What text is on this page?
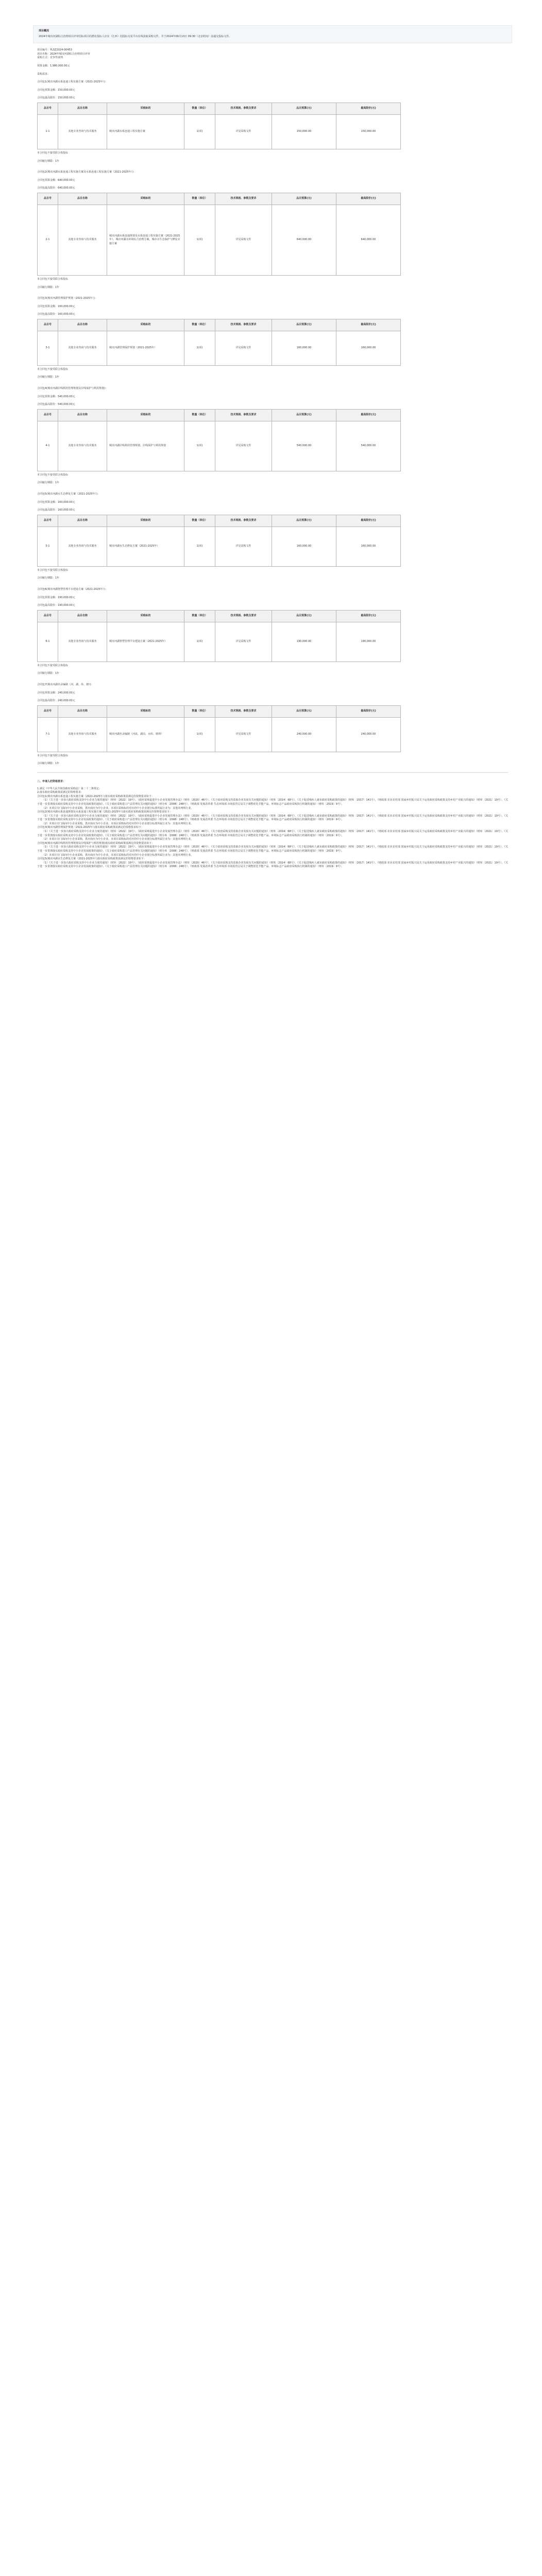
项目概况

2024年城市河湖综合治理项目评审招标项目的潜在投标人应在（江西）招投标交易平台在线获取采购文件，并于2024年09月13日 09:30（北京时间）前递交投标文件。

项目编号：YLSZ2024-00453

项目名称：2024年城市河湖综合治理项目评审

采购方式：竞争性谈判

预算金额：1,980,000.00元

采购需求：

合同包1(城市河湖水系连通工程实施方案（2021-2025年）)：

合同包预算金额：150,000.00元

合同包最高限价：150,000.00元

品目号	品目名称	采购标的	数量（单位）	技术规格、参数及要求	品目预算(元)	最高限价(元)
1-1	其他专业咨询与技术服务	城市河湖水系连通工程实施方案	1(项)	详见采购文件	150,000.00	150,000.00

本合同包不接受联合体投标

合同履行期限：1年

合同包2(城市河湖水系连通工程实施方案及水系连通工程实施方案（2021-2025年）)：

合同包预算金额：640,000.00元

合同包最高限价：640,000.00元

品目号	品目名称	采购标的	数量（单位）	技术规格、参数及要求	品目预算(元)	最高限价(元)
2-1	其他专业咨询与技术服务	城市河湖水系连通规划及水系连通工程实施方案（2021-2025年）、城市河湖水环境综合治理方案、城市水生态保护与修复实施方案	1(项)	详见采购文件	640,000.00	640,000.00

本合同包不接受联合体投标

合同履行期限：1年

合同包3(城市河湖管理保护规划（2021-2025年）)：

合同包预算金额：160,000.00元

合同包最高限价：160,000.00元

品目号	品目名称	采购标的	数量（单位）	技术规格、参数及要求	品目预算(元)	最高限价(元)
3-1	其他专业咨询与技术服务	城市河湖管理保护规划（2021-2025年）	1(项)	详见采购文件	160,000.00	160,000.00

本合同包不接受联合体投标

合同履行期限：1年

合同包4(城市河湖岸线利用管理规划及岸线保护与利用规划)：

合同包预算金额：540,000.00元

合同包最高限价：540,000.00元

品目号	品目名称	采购标的	数量（单位）	技术规格、参数及要求	品目预算(元)	最高限价(元)
4-1	其他专业咨询与技术服务	城市河湖岸线利用管理规划、岸线保护与利用规划	1(项)	详见采购文件	540,000.00	540,000.00

本合同包不接受联合体投标

合同履行期限：1年

合同包5(城市河湖水生态修复方案（2021-2025年）)：

合同包预算金额：160,000.00元

合同包最高限价：160,000.00元

品目号	品目名称	采购标的	数量（单位）	技术规格、参数及要求	品目预算(元)	最高限价(元)
5-1	其他专业咨询与技术服务	城市河湖水生态修复方案（2021-2025年）	1(项)	详见采购文件	160,000.00	160,000.00

本合同包不接受联合体投标

合同履行期限：1年

合同包6(城市河湖智慧管理平台建设方案（2021-2025年）)：

合同包预算金额：190,000.00元

合同包最高限价：190,000.00元

品目号	品目名称	采购标的	数量（单位）	技术规格、参数及要求	品目预算(元)	最高限价(元)
6-1	其他专业咨询与技术服务	城市河湖智慧管理平台建设方案（2021-2025年）	1(项)	详见采购文件	190,000.00	190,000.00

本合同包不接受联合体投标

合同履行期限：1年

合同包7(城市河湖名录编制（河、湖、库、塘）)：

合同包预算金额：240,000.00元

合同包最高限价：240,000.00元

品目号	品目名称	采购标的	数量（单位）	技术规格、参数及要求	品目预算(元)	最高限价(元)
7-1	其他专业咨询与技术服务	城市河湖名录编制（河流、湖泊、水库、塘坝）	1(项)	详见采购文件	240,000.00	240,000.00

本合同包不接受联合体投标

合同履行期限：1年

二、申请人的资格要求：

1.满足《中华人民共和国政府采购法》第二十二条规定；

2.落实政府采购政策需满足的资格要求：

合同包1(城市河湖水系连通工程实施方案（2021-2025年）)落实政府采购政策需满足的资格要求如下：

（1）《关于进一步加大政府采购支持中小企业力度的通知》（财库〔2022〕19号）、《政府采购促进中小企业发展管理办法》（财库〔2020〕46号）、《关于政府采购支持监狱企业发展有关问题的通知》（财库〔2014〕68号）、《关于促进残疾人就业政府采购政策的通知》（财库〔2017〕141号），《财政部 农业农村部 国家乡村振兴局关于运用政府采购政策支持乡村产业振兴的通知》（财库〔2021〕19号）、《关于进一步贯彻落实政府采购支持中小企业发展政策的通知》、《关于政府采购进口产品管理有关问题的通知》（财办库〔2008〕248号）、《财政部 发展改革委 生态环境部 市场监管总局关于调整优化节能产品、环境标志产品政府采购执行机制的通知》（财库〔2019〕9号）。

（2）本项目专门面向中小企业采购，供应商应为中小企业。本项目采购标的对应的中小企业划分标准所属行业为：其他未列明行业。

合同包2(城市河湖水系连通规划及水系连通工程实施方案（2021-2025年）)落实政府采购政策需满足的资格要求如下：

（1）《关于进一步加大政府采购支持中小企业力度的通知》（财库〔2022〕19号）、《政府采购促进中小企业发展管理办法》（财库〔2020〕46号）、《关于政府采购支持监狱企业发展有关问题的通知》（财库〔2014〕68号）、《关于促进残疾人就业政府采购政策的通知》（财库〔2017〕141号），《财政部 农业农村部 国家乡村振兴局关于运用政府采购政策支持乡村产业振兴的通知》（财库〔2021〕19号）、《关于进一步贯彻落实政府采购支持中小企业发展政策的通知》、《关于政府采购进口产品管理有关问题的通知》（财办库〔2008〕248号）、《财政部 发展改革委 生态环境部 市场监管总局关于调整优化节能产品、环境标志产品政府采购执行机制的通知》（财库〔2019〕9号）。

（2）本项目专门面向中小企业采购，供应商应为中小企业。本项目采购标的对应的中小企业划分标准所属行业为：其他未列明行业。

合同包3(城市河湖管理保护规划（2021-2025年）)落实政府采购政策需满足的资格要求如下：

（1）《关于进一步加大政府采购支持中小企业力度的通知》（财库〔2022〕19号）、《政府采购促进中小企业发展管理办法》（财库〔2020〕46号）、《关于政府采购支持监狱企业发展有关问题的通知》（财库〔2014〕68号）、《关于促进残疾人就业政府采购政策的通知》（财库〔2017〕141号），《财政部 农业农村部 国家乡村振兴局关于运用政府采购政策支持乡村产业振兴的通知》（财库〔2021〕19号）、《关于进一步贯彻落实政府采购支持中小企业发展政策的通知》、《关于政府采购进口产品管理有关问题的通知》（财办库〔2008〕248号）、《财政部 发展改革委 生态环境部 市场监管总局关于调整优化节能产品、环境标志产品政府采购执行机制的通知》（财库〔2019〕9号）。

（2）本项目专门面向中小企业采购，供应商应为中小企业。本项目采购标的对应的中小企业划分标准所属行业为：其他未列明行业。

合同包4(城市河湖岸线利用管理规划及岸线保护与利用规划)落实政府采购政策需满足的资格要求如下：

（1）《关于进一步加大政府采购支持中小企业力度的通知》（财库〔2022〕19号）、《政府采购促进中小企业发展管理办法》（财库〔2020〕46号）、《关于政府采购支持监狱企业发展有关问题的通知》（财库〔2014〕68号）、《关于促进残疾人就业政府采购政策的通知》（财库〔2017〕141号），《财政部 农业农村部 国家乡村振兴局关于运用政府采购政策支持乡村产业振兴的通知》（财库〔2021〕19号）、《关于进一步贯彻落实政府采购支持中小企业发展政策的通知》、《关于政府采购进口产品管理有关问题的通知》（财办库〔2008〕248号）、《财政部 发展改革委 生态环境部 市场监管总局关于调整优化节能产品、环境标志产品政府采购执行机制的通知》（财库〔2019〕9号）。

（2）本项目专门面向中小企业采购，供应商应为中小企业。本项目采购标的对应的中小企业划分标准所属行业为：其他未列明行业。

合同包5(城市河湖水生态修复方案（2021-2025年）)落实政府采购政策需满足的资格要求如下：

（1）《关于进一步加大政府采购支持中小企业力度的通知》（财库〔2022〕19号）、《政府采购促进中小企业发展管理办法》（财库〔2020〕46号）、《关于政府采购支持监狱企业发展有关问题的通知》（财库〔2014〕68号）、《关于促进残疾人就业政府采购政策的通知》（财库〔2017〕141号），《财政部 农业农村部 国家乡村振兴局关于运用政府采购政策支持乡村产业振兴的通知》（财库〔2021〕19号）、《关于进一步贯彻落实政府采购支持中小企业发展政策的通知》、《关于政府采购进口产品管理有关问题的通知》（财办库〔2008〕248号）、《财政部 发展改革委 生态环境部 市场监管总局关于调整优化节能产品、环境标志产品政府采购执行机制的通知》（财库〔2019〕9号）。
